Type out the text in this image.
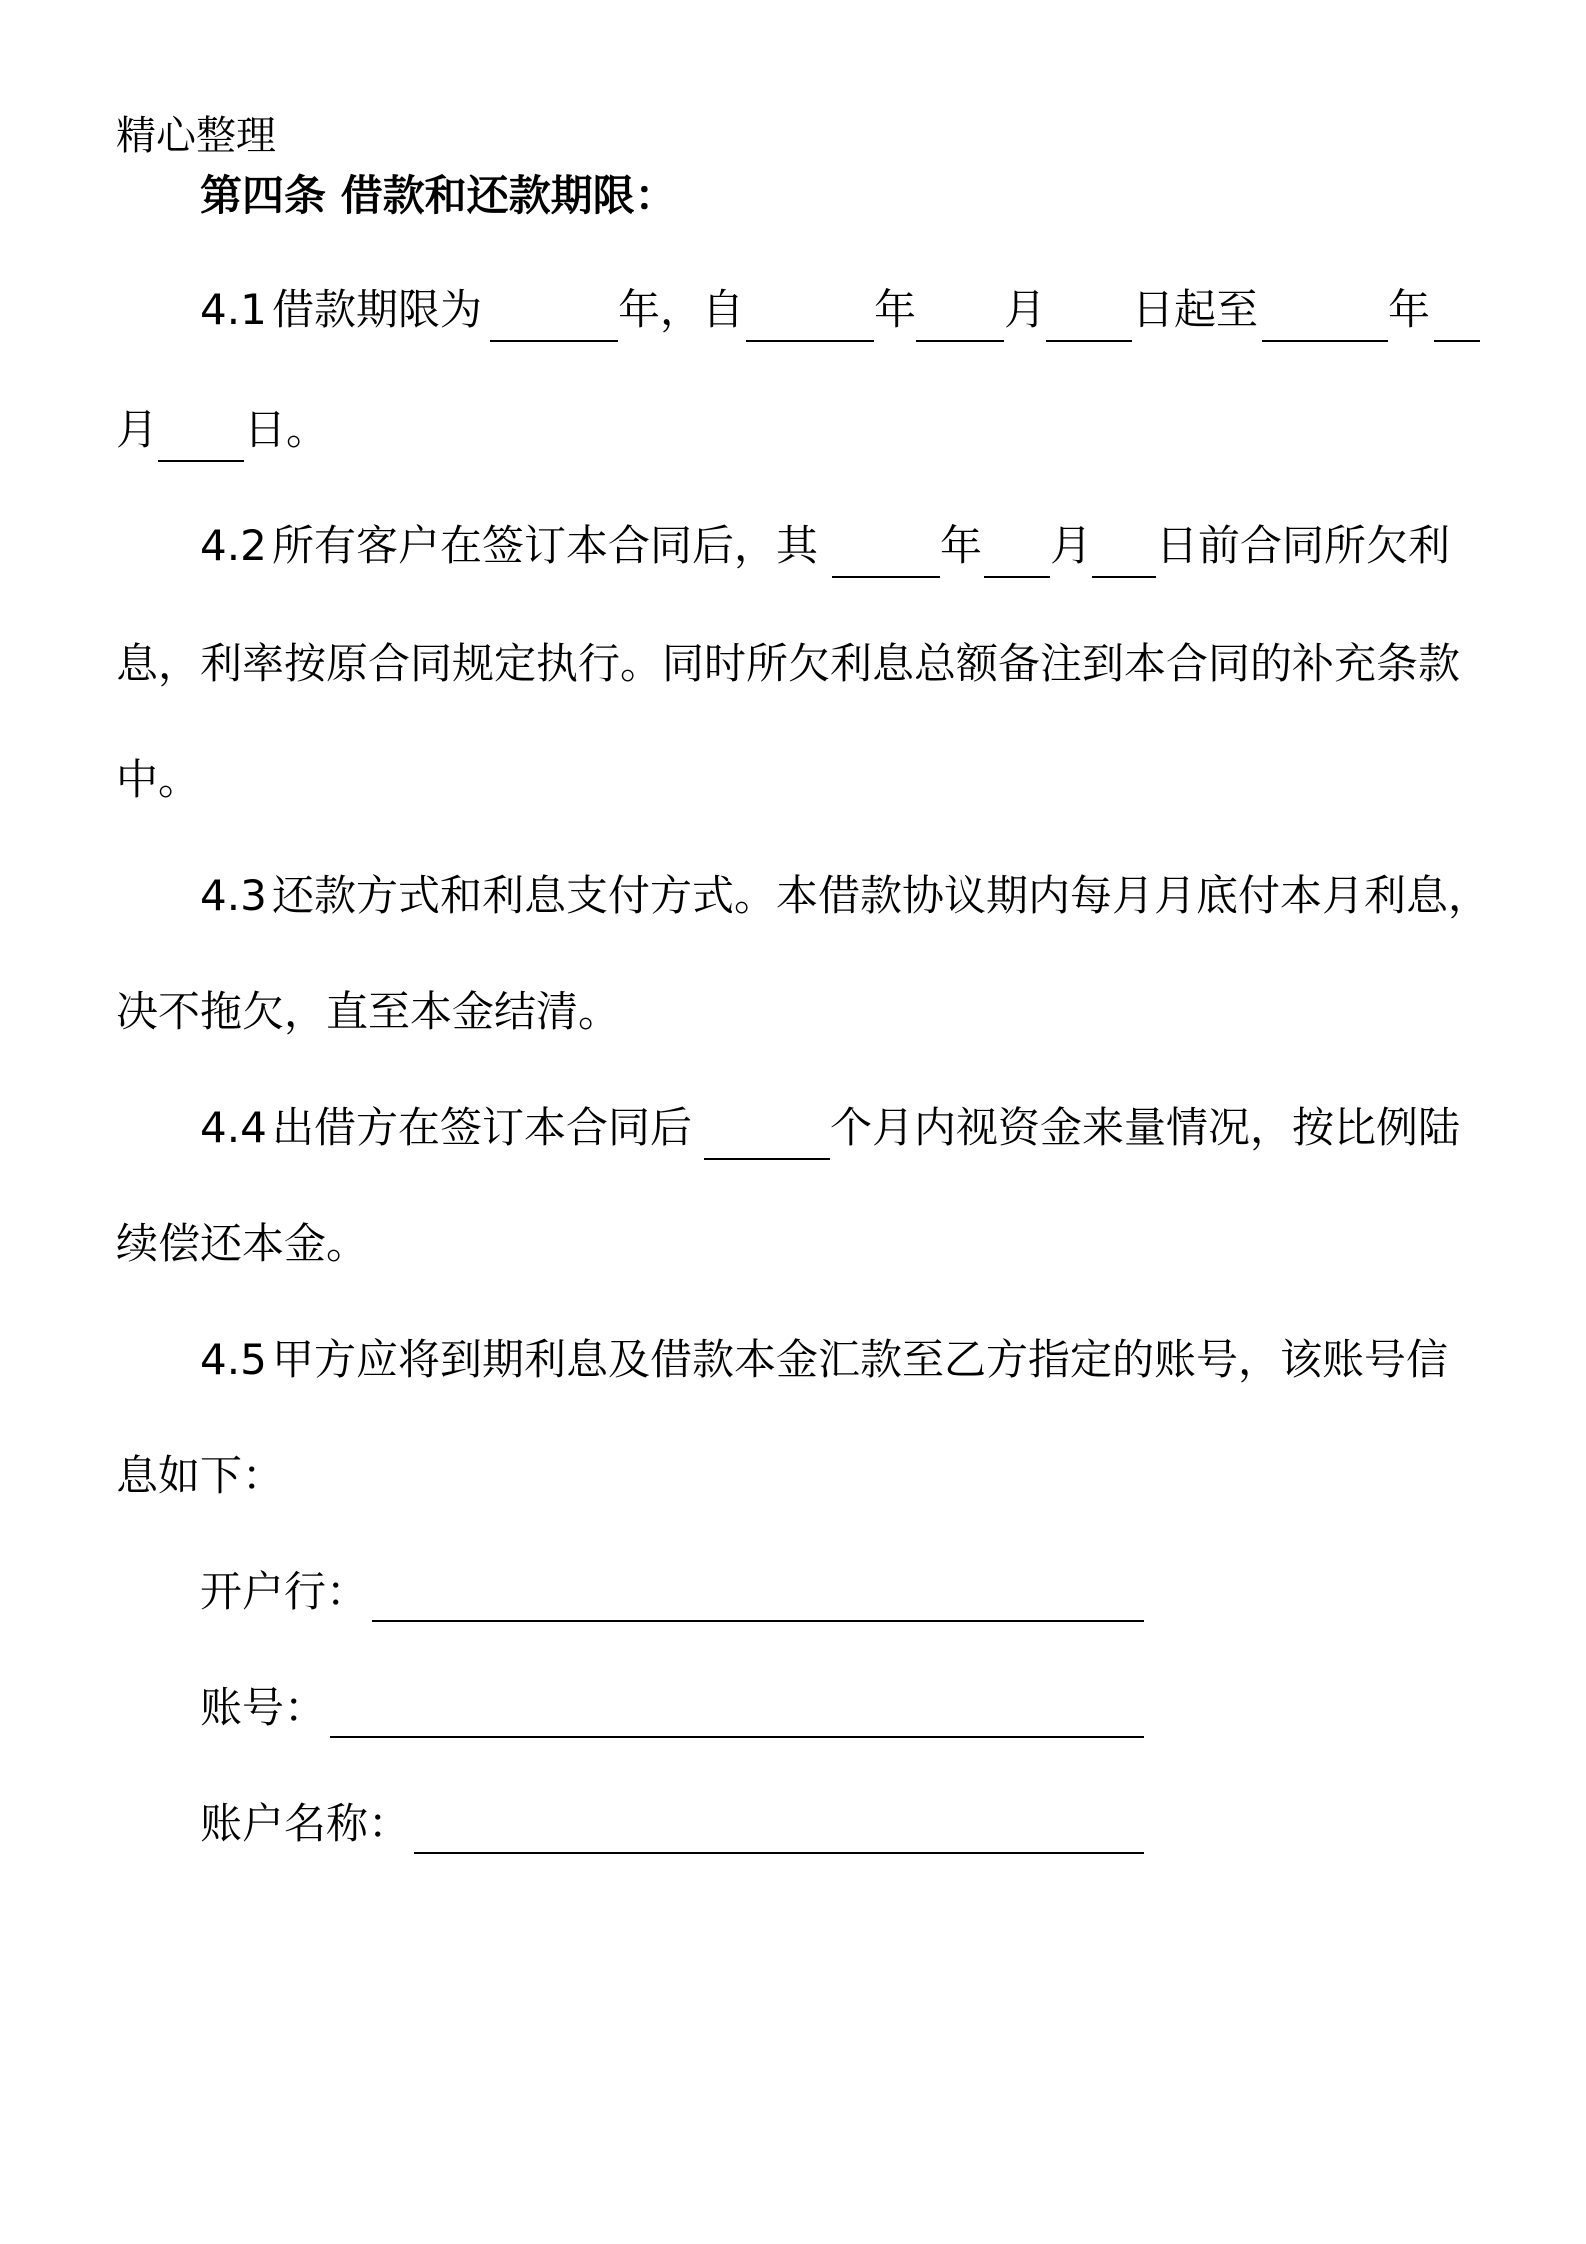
精心整理
第四条 借款和还款期限：
4.1 借款期限为	年，自	年 月 日起至	年
月 日。
4.2 所有客户在签订本合同后，其	年 月 日前合同所欠利
息，利率按原合同规定执行。同时所欠利息总额备注到本合同的补充条款
中。
4.3 还款方式和利息支付方式。本借款协议期内每月月底付本月利息，
决不拖欠，直至本金结清。
4.4 出借方在签订本合同后	个月内视资金来量情况，按比例陆
续偿还本金。
4.5 甲方应将到期利息及借款本金汇款至乙方指定的账号，该账号信
息如下：
开户行：
账号：
账户名称：
